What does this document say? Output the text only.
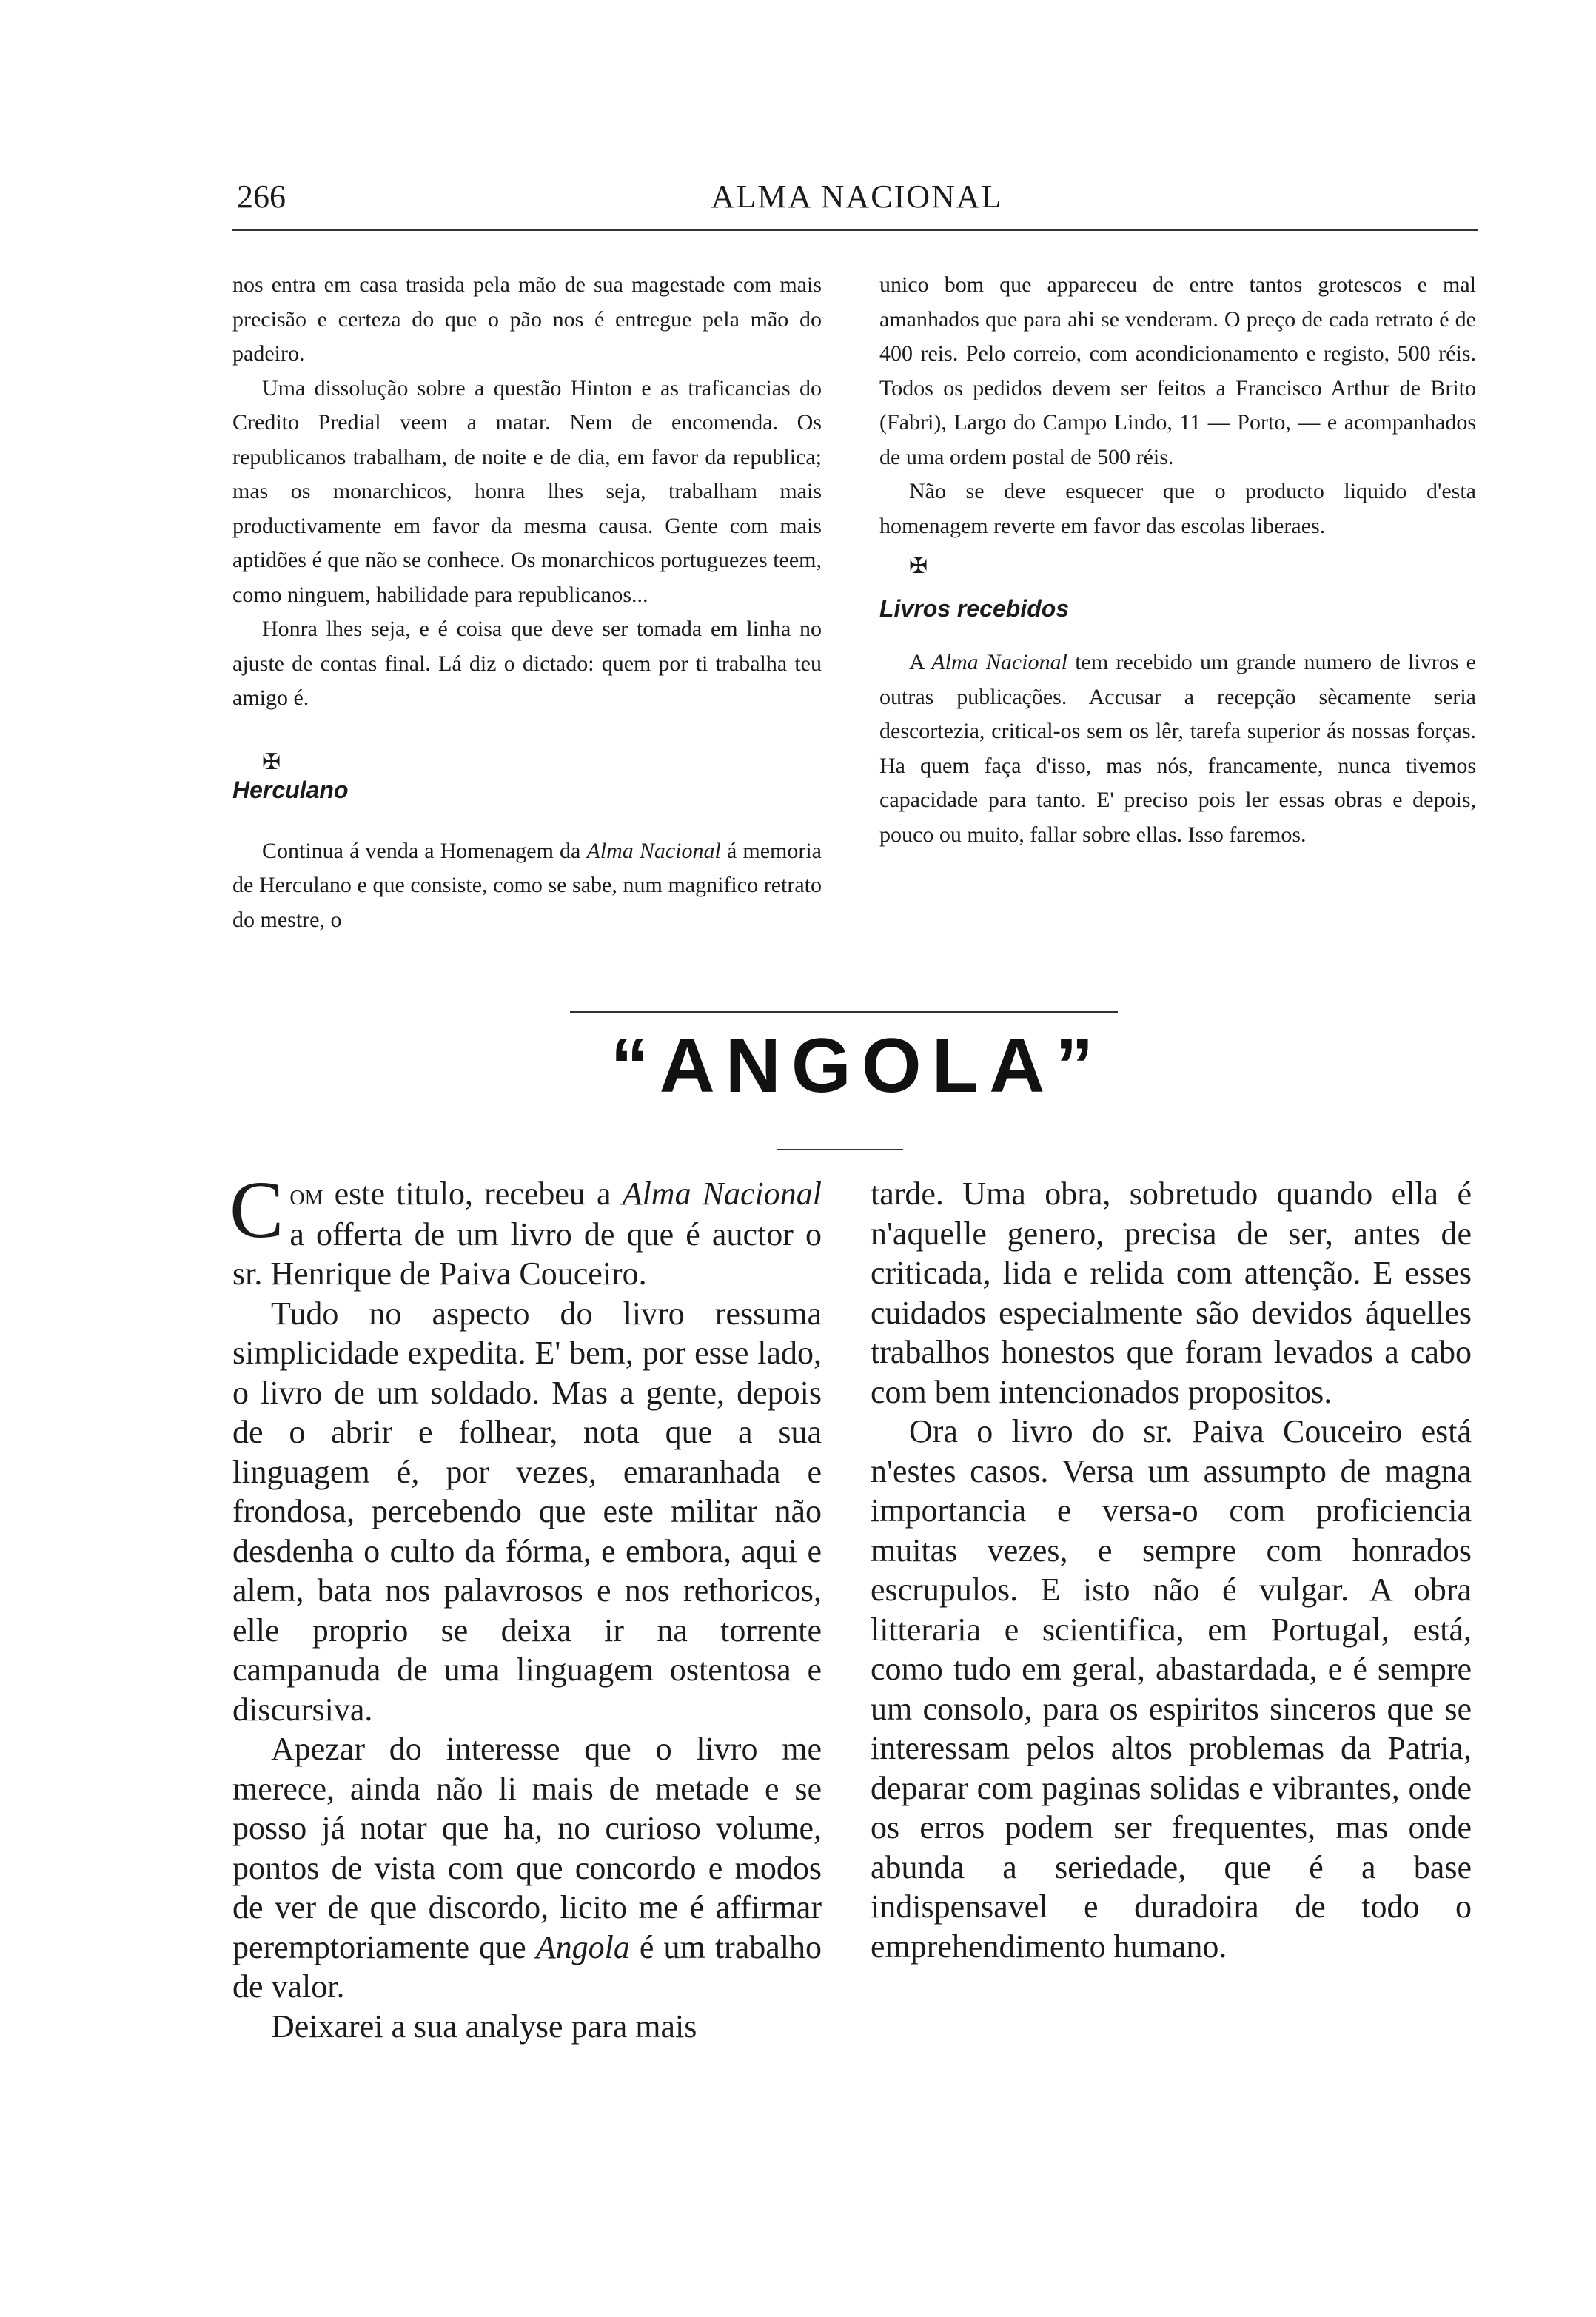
266	ALMA NACIONAL

nos entra em casa trasida pela mão de sua magestade com mais precisão e certeza do que o pão nos é entregue pela mão do padeiro.

Uma dissolução sobre a questão Hinton e as traficancias do Credito Predial veem a matar. Nem de encomenda. Os republicanos trabalham, de noite e de dia, em favor da republica; mas os monarchicos, honra lhes seja, trabalham mais productivamente em favor da mesma causa. Gente com mais aptidões é que não se conhece. Os monarchicos portuguezes teem, como ninguem, habilidade para republicanos...

Honra lhes seja, e é coisa que deve ser tomada em linha no ajuste de contas final. Lá diz o dictado: quem por ti trabalha teu amigo é.

✠

Herculano

Continua á venda a Homenagem da Alma Nacional á memoria de Herculano e que consiste, como se sabe, num magnifico retrato do mestre, o

unico bom que appareceu de entre tantos grotescos e mal amanhados que para ahi se venderam. O preço de cada retrato é de 400 reis. Pelo correio, com acondicionamento e registo, 500 réis. Todos os pedidos devem ser feitos a Francisco Arthur de Brito (Fabri), Largo do Campo Lindo, 11 — Porto, — e acompanhados de uma ordem postal de 500 réis.

Não se deve esquecer que o producto liquido d'esta homenagem reverte em favor das escolas liberaes.

✠

Livros recebidos

A Alma Nacional tem recebido um grande numero de livros e outras publicações. Accusar a recepção sècamente seria descortezia, critical-os sem os lêr, tarefa superior ás nossas forças. Ha quem faça d'isso, mas nós, francamente, nunca tivemos capacidade para tanto. E' preciso pois ler essas obras e depois, pouco ou muito, fallar sobre ellas. Isso faremos.

“ANGOLA”

Com este titulo, recebeu a Alma Nacional a offerta de um livro de que é auctor o sr. Henrique de Paiva Couceiro.

Tudo no aspecto do livro ressuma simplicidade expedita. E' bem, por esse lado, o livro de um soldado. Mas a gente, depois de o abrir e folhear, nota que a sua linguagem é, por vezes, emaranhada e frondosa, percebendo que este militar não desdenha o culto da fórma, e embora, aqui e alem, bata nos palavrosos e nos rethoricos, elle proprio se deixa ir na torrente campanuda de uma linguagem ostentosa e discursiva.

Apezar do interesse que o livro me merece, ainda não li mais de metade e se posso já notar que ha, no curioso volume, pontos de vista com que concordo e modos de ver de que discordo, licito me é affirmar peremptoriamente que Angola é um trabalho de valor.

Deixarei a sua analyse para mais

tarde. Uma obra, sobretudo quando ella é n'aquelle genero, precisa de ser, antes de criticada, lida e relida com attenção. E esses cuidados especialmente são devidos áquelles trabalhos honestos que foram levados a cabo com bem intencionados propositos.

Ora o livro do sr. Paiva Couceiro está n'estes casos. Versa um assumpto de magna importancia e versa-o com proficiencia muitas vezes, e sempre com honrados escrupulos. E isto não é vulgar. A obra litteraria e scientifica, em Portugal, está, como tudo em geral, abastardada, e é sempre um consolo, para os espiritos sinceros que se interessam pelos altos problemas da Patria, deparar com paginas solidas e vibrantes, onde os erros podem ser frequentes, mas onde abunda a seriedade, que é a base indispensavel e duradoira de todo o emprehendimento humano.
